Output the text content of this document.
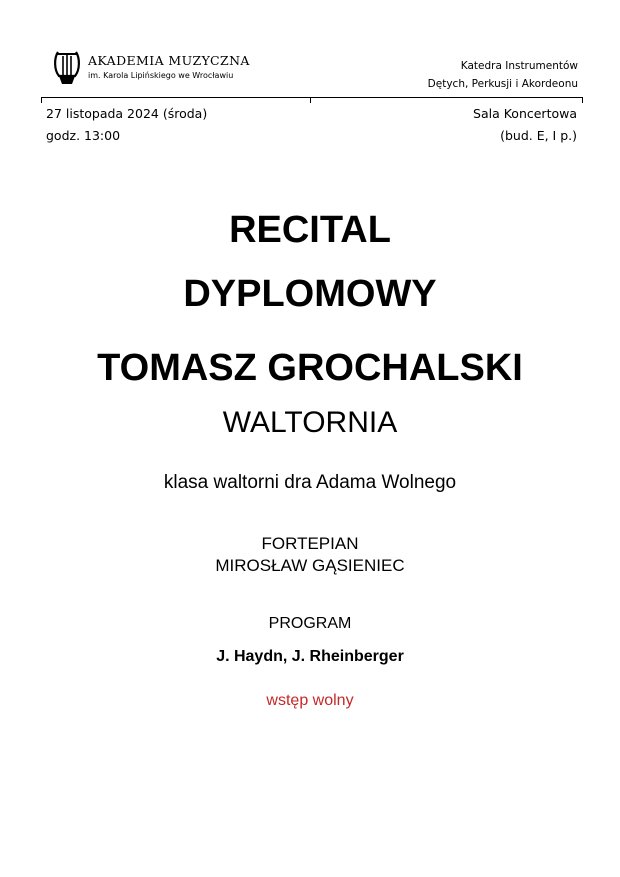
AKADEMIA MUZYCZNA
im. Karola Lipińskiego we Wrocławiu
Katedra Instrumentów
Dętych, Perkusji i Akordeonu
27 listopada 2024 (środa)
godz. 13:00
Sala Koncertowa
(bud. E, I p.)
RECITAL
DYPLOMOWY
TOMASZ GROCHALSKI
WALTORNIA
klasa waltorni dra Adama Wolnego
FORTEPIAN
MIROSŁAW GĄSIENIEC
PROGRAM
J. Haydn, J. Rheinberger
wstęp wolny
